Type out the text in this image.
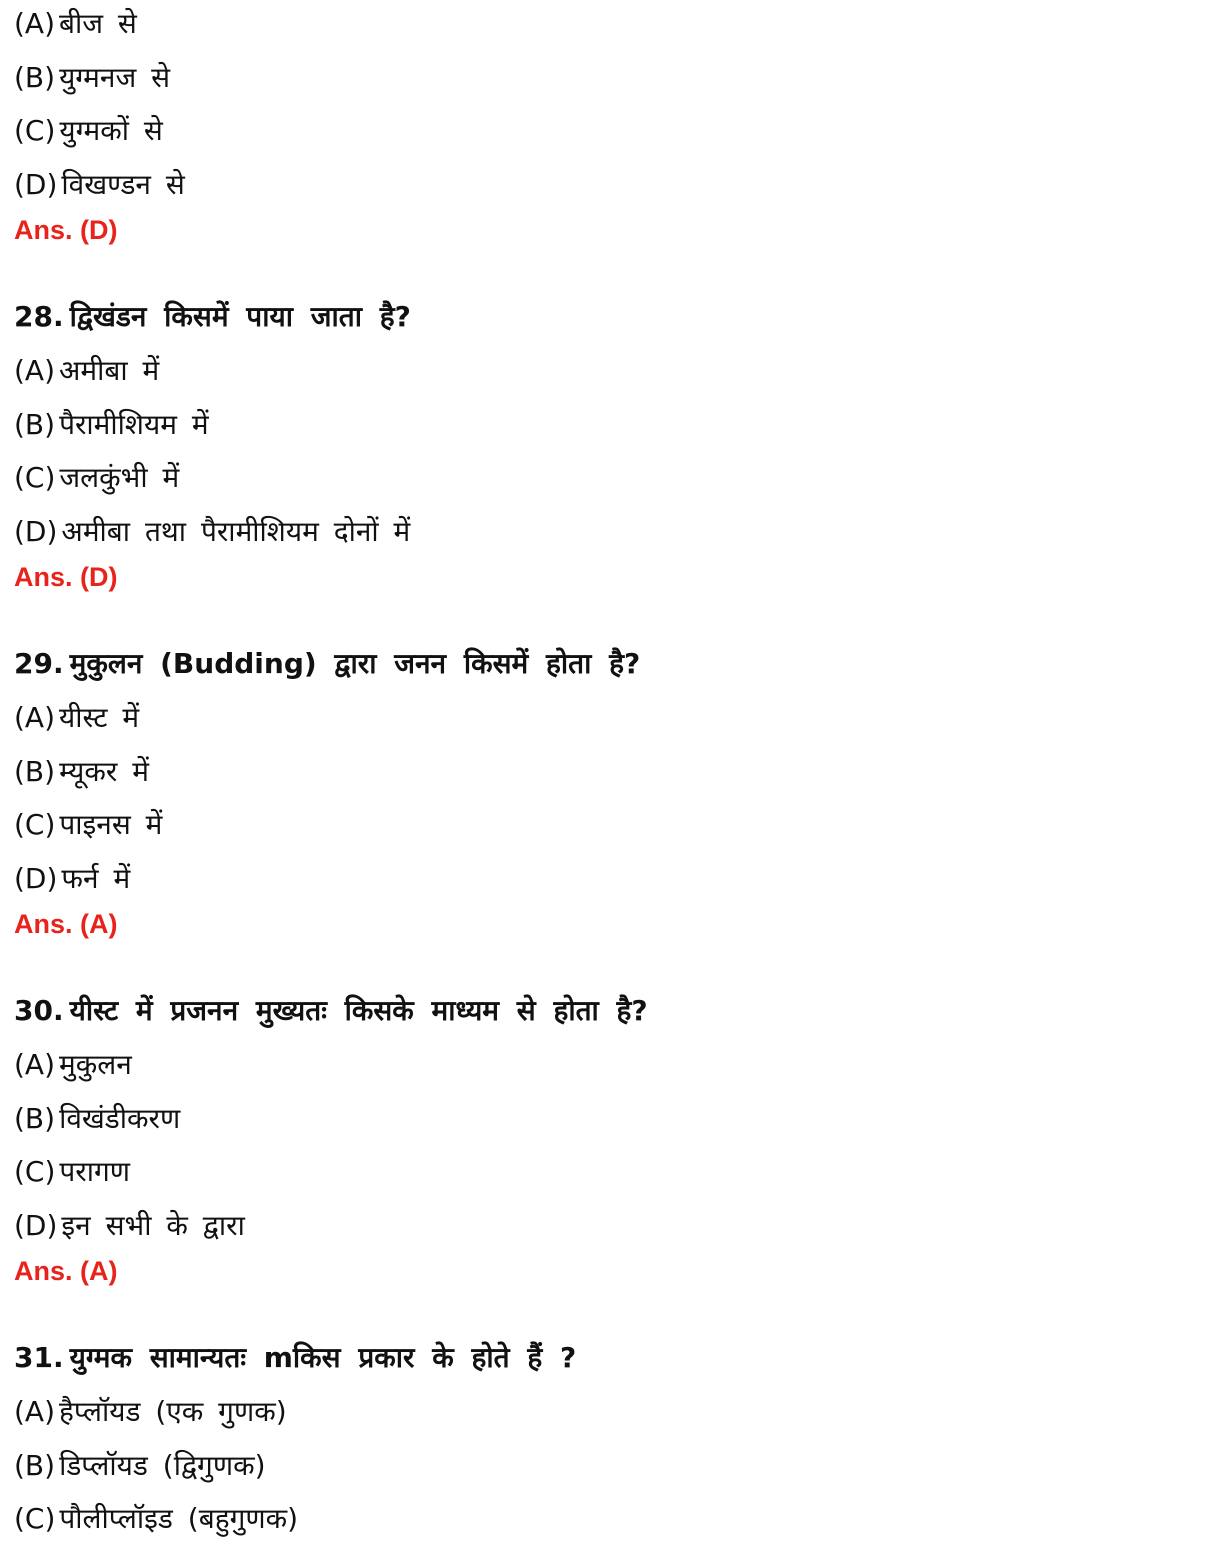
(A) बीज से
(B) युग्मनज से
(C) युग्मकों से
(D) विखण्डन से
Ans. (D)
28. द्विखंडन किसमें पाया जाता है?
(A) अमीबा में
(B) पैरामीशियम में
(C) जलकुंभी में
(D) अमीबा तथा पैरामीशियम दोनों में
Ans. (D)
29. मुकुलन (Budding) द्वारा जनन किसमें होता है?
(A) यीस्ट में
(B) म्यूकर में
(C) पाइनस में
(D) फर्न में
Ans. (A)
30. यीस्ट में प्रजनन मुख्यतः किसके माध्यम से होता है?
(A) मुकुलन
(B) विखंडीकरण
(C) परागण
(D) इन सभी के द्वारा
Ans. (A)
31. युग्मक सामान्यतः mकिस प्रकार के होते हैं ?
(A) हैप्लॉयड (एक गुणक)
(B) डिप्लॉयड (द्विगुणक)
(C) पौलीप्लॉइड (बहुगुणक)
